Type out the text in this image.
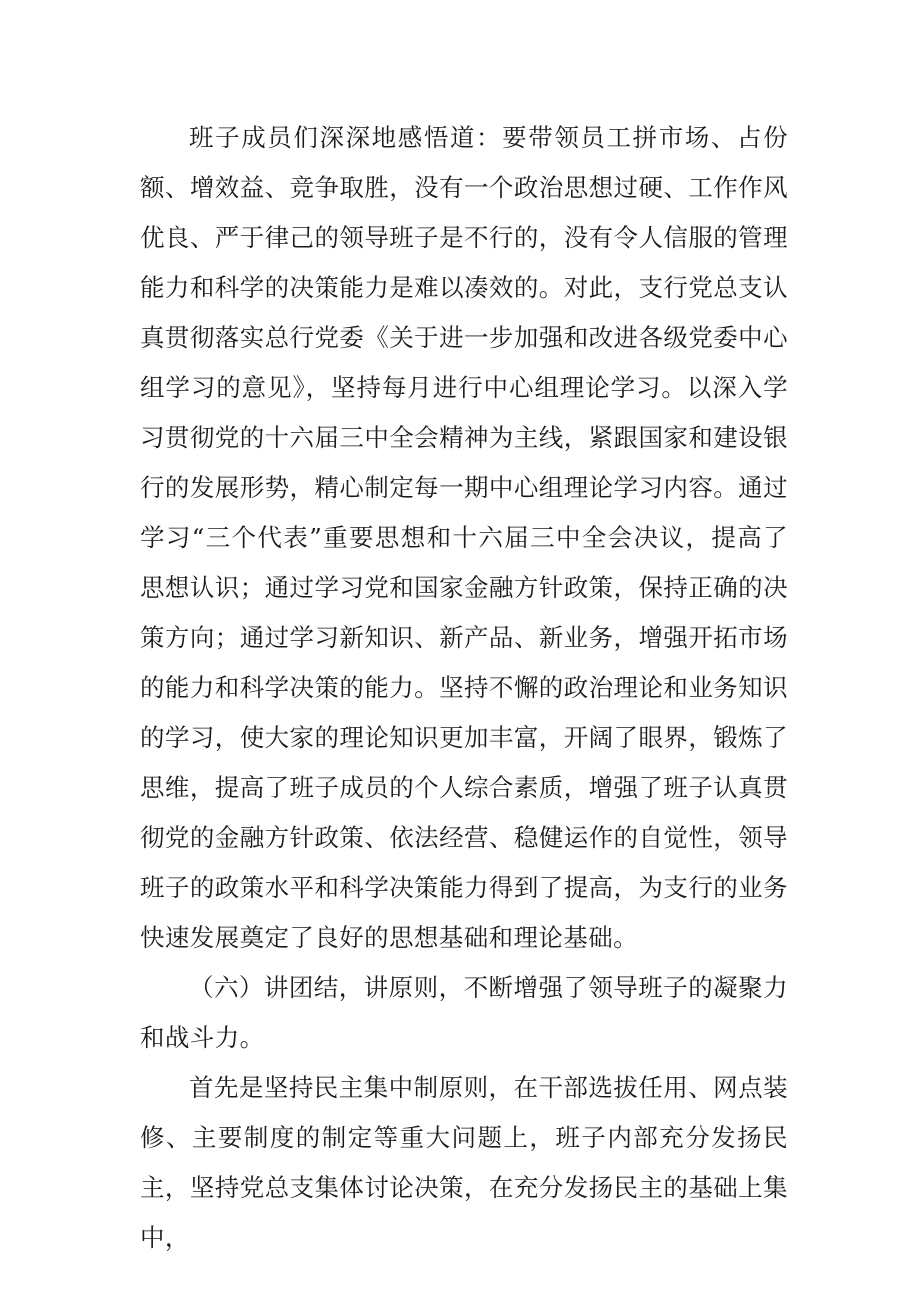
班子成员们深深地感悟道：要带领员工拼市场、占份额、增效益、竞争取胜，没有一个政治思想过硬、工作作风优良、严于律己的领导班子是不行的，没有令人信服的管理能力和科学的决策能力是难以凑效的。对此，支行党总支认真贯彻落实总行党委《关于进一步加强和改进各级党委中心组学习的意见》，坚持每月进行中心组理论学习。以深入学习贯彻党的十六届三中全会精神为主线，紧跟国家和建设银行的发展形势，精心制定每一期中心组理论学习内容。通过学习“三个代表”重要思想和十六届三中全会决议，提高了思想认识；通过学习党和国家金融方针政策，保持正确的决策方向；通过学习新知识、新产品、新业务，增强开拓市场的能力和科学决策的能力。坚持不懈的政治理论和业务知识的学习，使大家的理论知识更加丰富，开阔了眼界，锻炼了思维，提高了班子成员的个人综合素质，增强了班子认真贯彻党的金融方针政策、依法经营、稳健运作的自觉性，领导班子的政策水平和科学决策能力得到了提高，为支行的业务快速发展奠定了良好的思想基础和理论基础。

（六）讲团结，讲原则，不断增强了领导班子的凝聚力和战斗力。

首先是坚持民主集中制原则，在干部选拔任用、网点装修、主要制度的制定等重大问题上，班子内部充分发扬民主，坚持党总支集体讨论决策，在充分发扬民主的基础上集中，
